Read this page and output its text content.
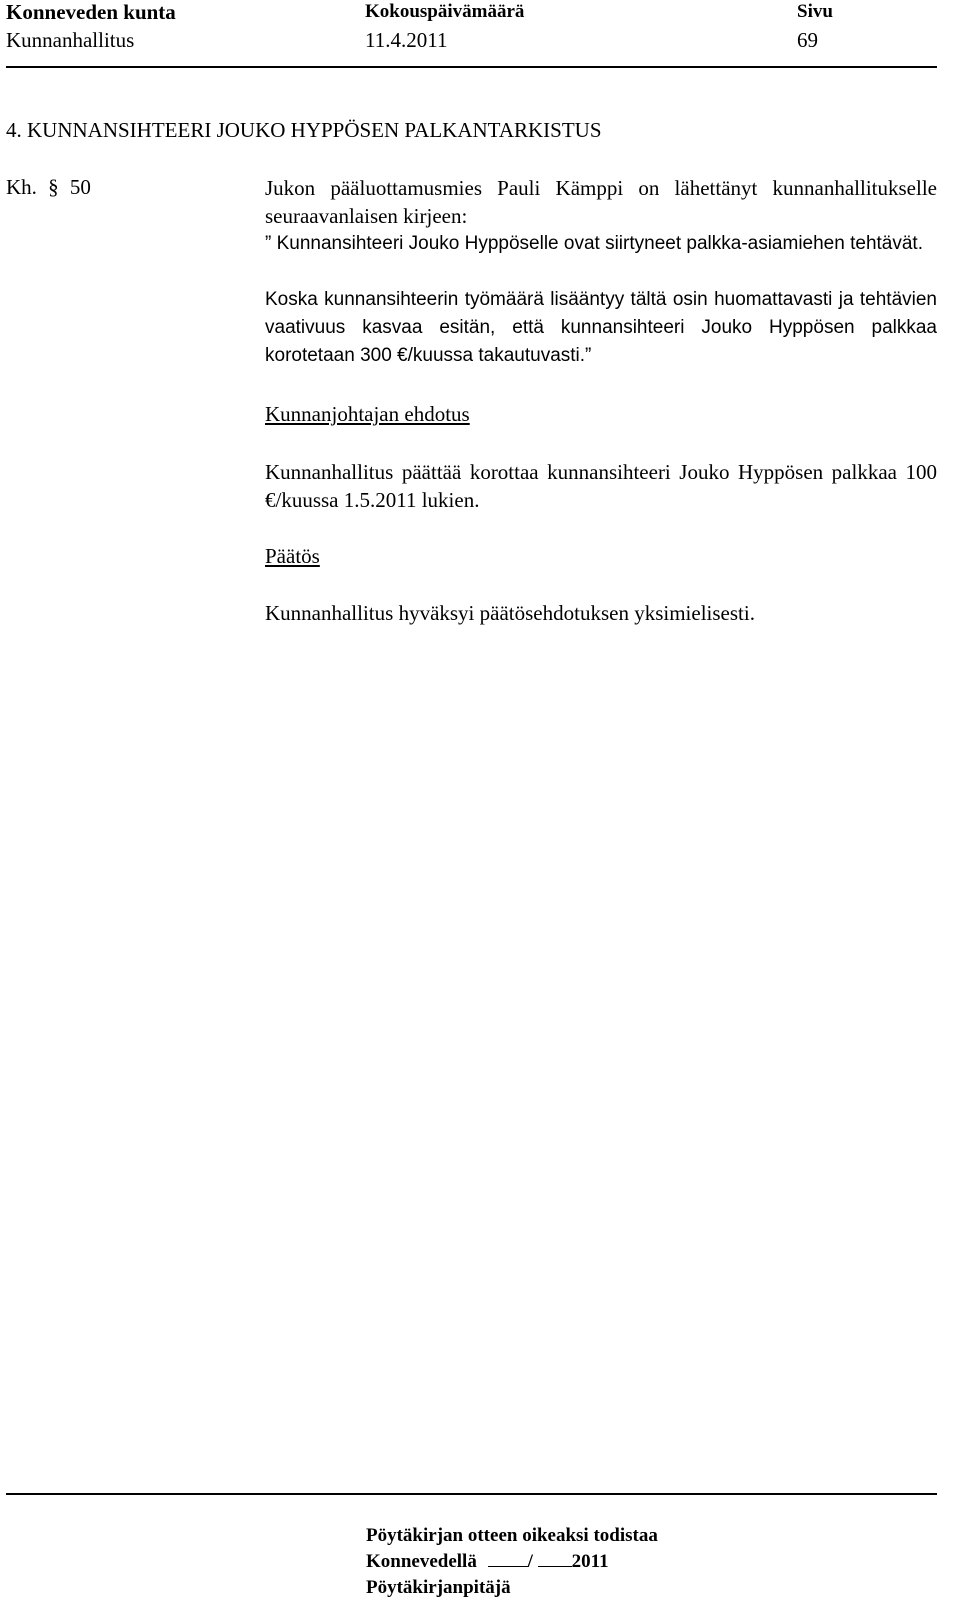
Konneveden kunta
Kunnanhallitus
Kokouspäivämäärä
11.4.2011
Sivu
69
4. KUNNANSIHTEERI JOUKO HYPPÖSEN PALKANTARKISTUS
Kh. § 50	Jukon pääluottamusmies Pauli Kämppi on lähettänyt kunnanhallitukselle seuraavanlaisen kirjeen:
” Kunnansihteeri Jouko Hyppöselle ovat siirtyneet palkka-asiamiehen tehtävät.
Koska kunnansihteerin työmäärä lisääntyy tältä osin huomattavasti ja tehtävien vaativuus kasvaa esitän, että kunnansihteeri Jouko Hyppösen palkkaa korotetaan 300 €/kuussa takautuvasti.”
Kunnanjohtajan ehdotus
Kunnanhallitus päättää korottaa kunnansihteeri Jouko Hyppösen palkkaa 100 €/kuussa 1.5.2011 lukien.
Päätös
Kunnanhallitus hyväksyi päätösehdotuksen yksimielisesti.
Pöytäkirjan otteen oikeaksi todistaa
Konnevedellä	/ 2011
Pöytäkirjanpitäjä
